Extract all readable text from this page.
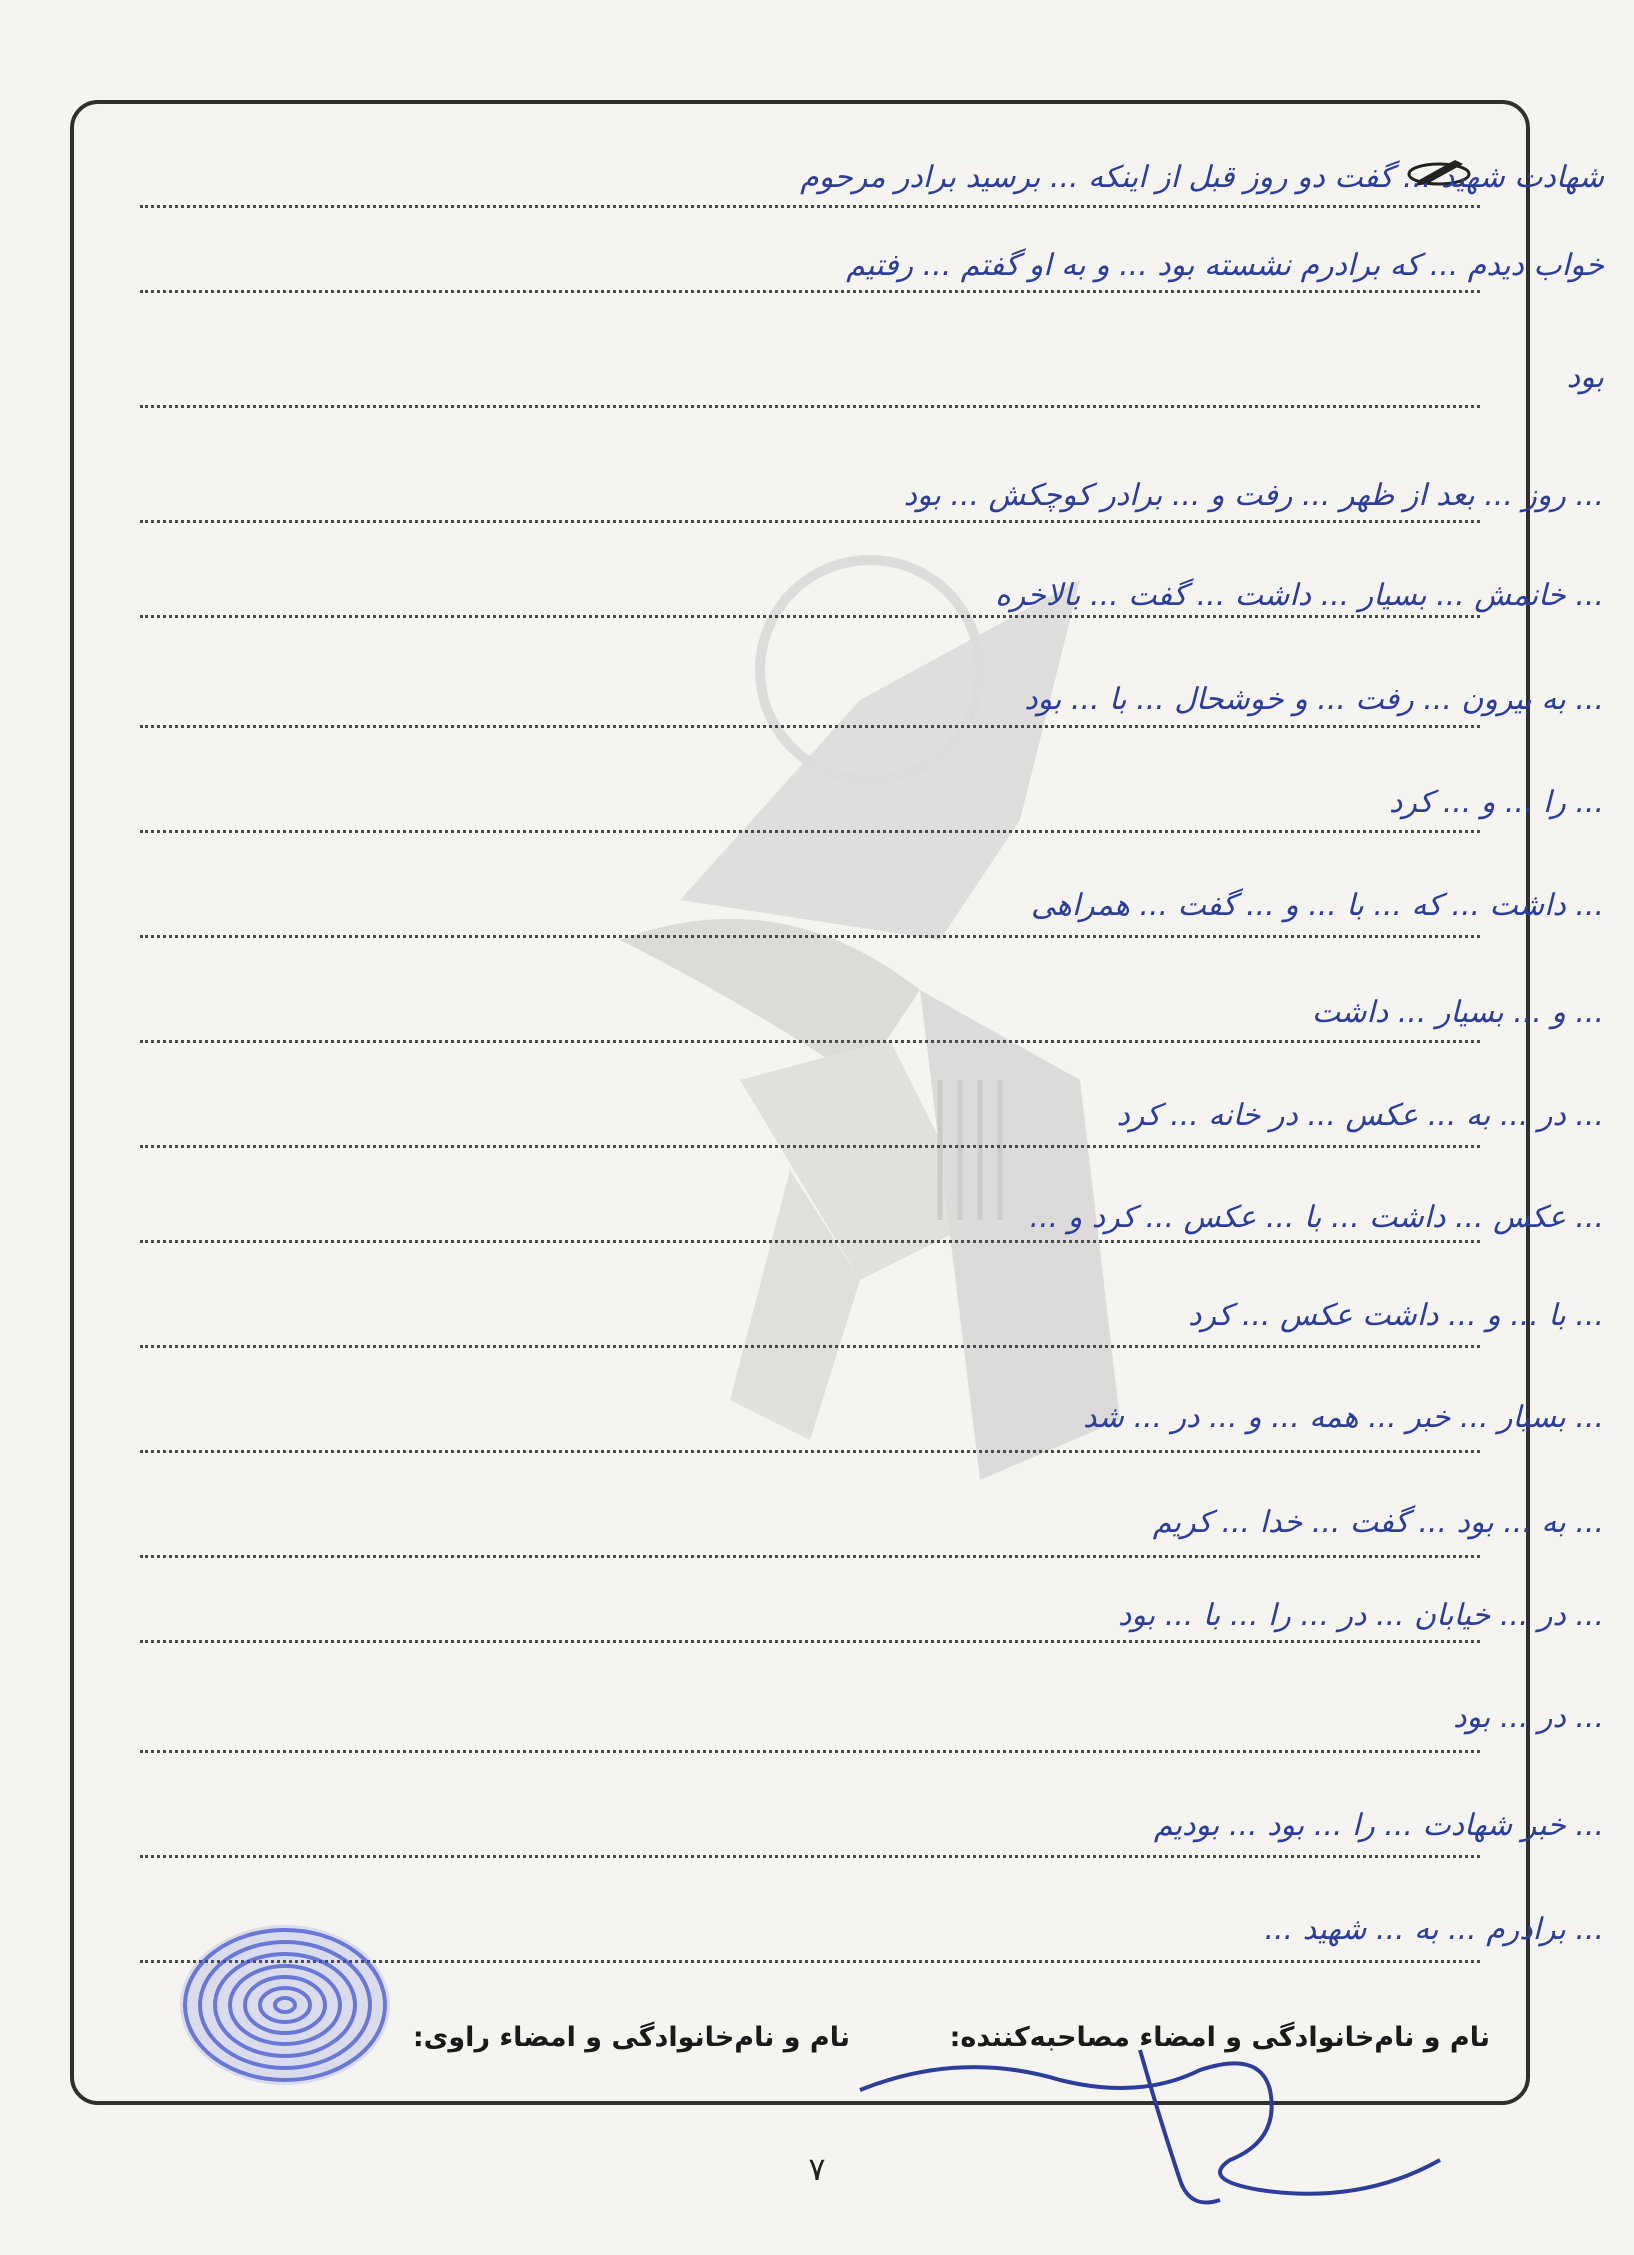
شهادت شهید ... گفت دو روز قبل از اینکه ... برسید برادر مرحوم
خواب دیدم ... که برادرم نشسته بود ... و به او گفتم ... رفتیم
بود
... روز ... بعد از ظهر ... رفت و ... برادر کوچکش ... بود
... خانمش ... بسیار ... داشت ... گفت ... بالاخره
... به بیرون ... رفت ... و خوشحال ... با ... بود
... را ... و ... کرد
... داشت ... که ... با ... و ... گفت ... همراهی
... و ... بسیار ... داشت
... در ... به ... عکس ... در خانه ... کرد
... عکس ... داشت ... با ... عکس ... کرد و ...
... با ... و ... داشت عکس ... کرد
... بسیار ... خبر ... همه ... و ... در ... شد
... به ... بود ... گفت ... خدا ... کریم
... در ... خیابان ... در ... را ... با ... بود
... در ... بود
... خبر شهادت ... را ... بود ... بودیم
... برادرم ... به ... شهید ...
نام و نام‌خانوادگی و امضاء مصاحبه‌کننده:
نام و نام‌خانوادگی و امضاء راوی:
۷
